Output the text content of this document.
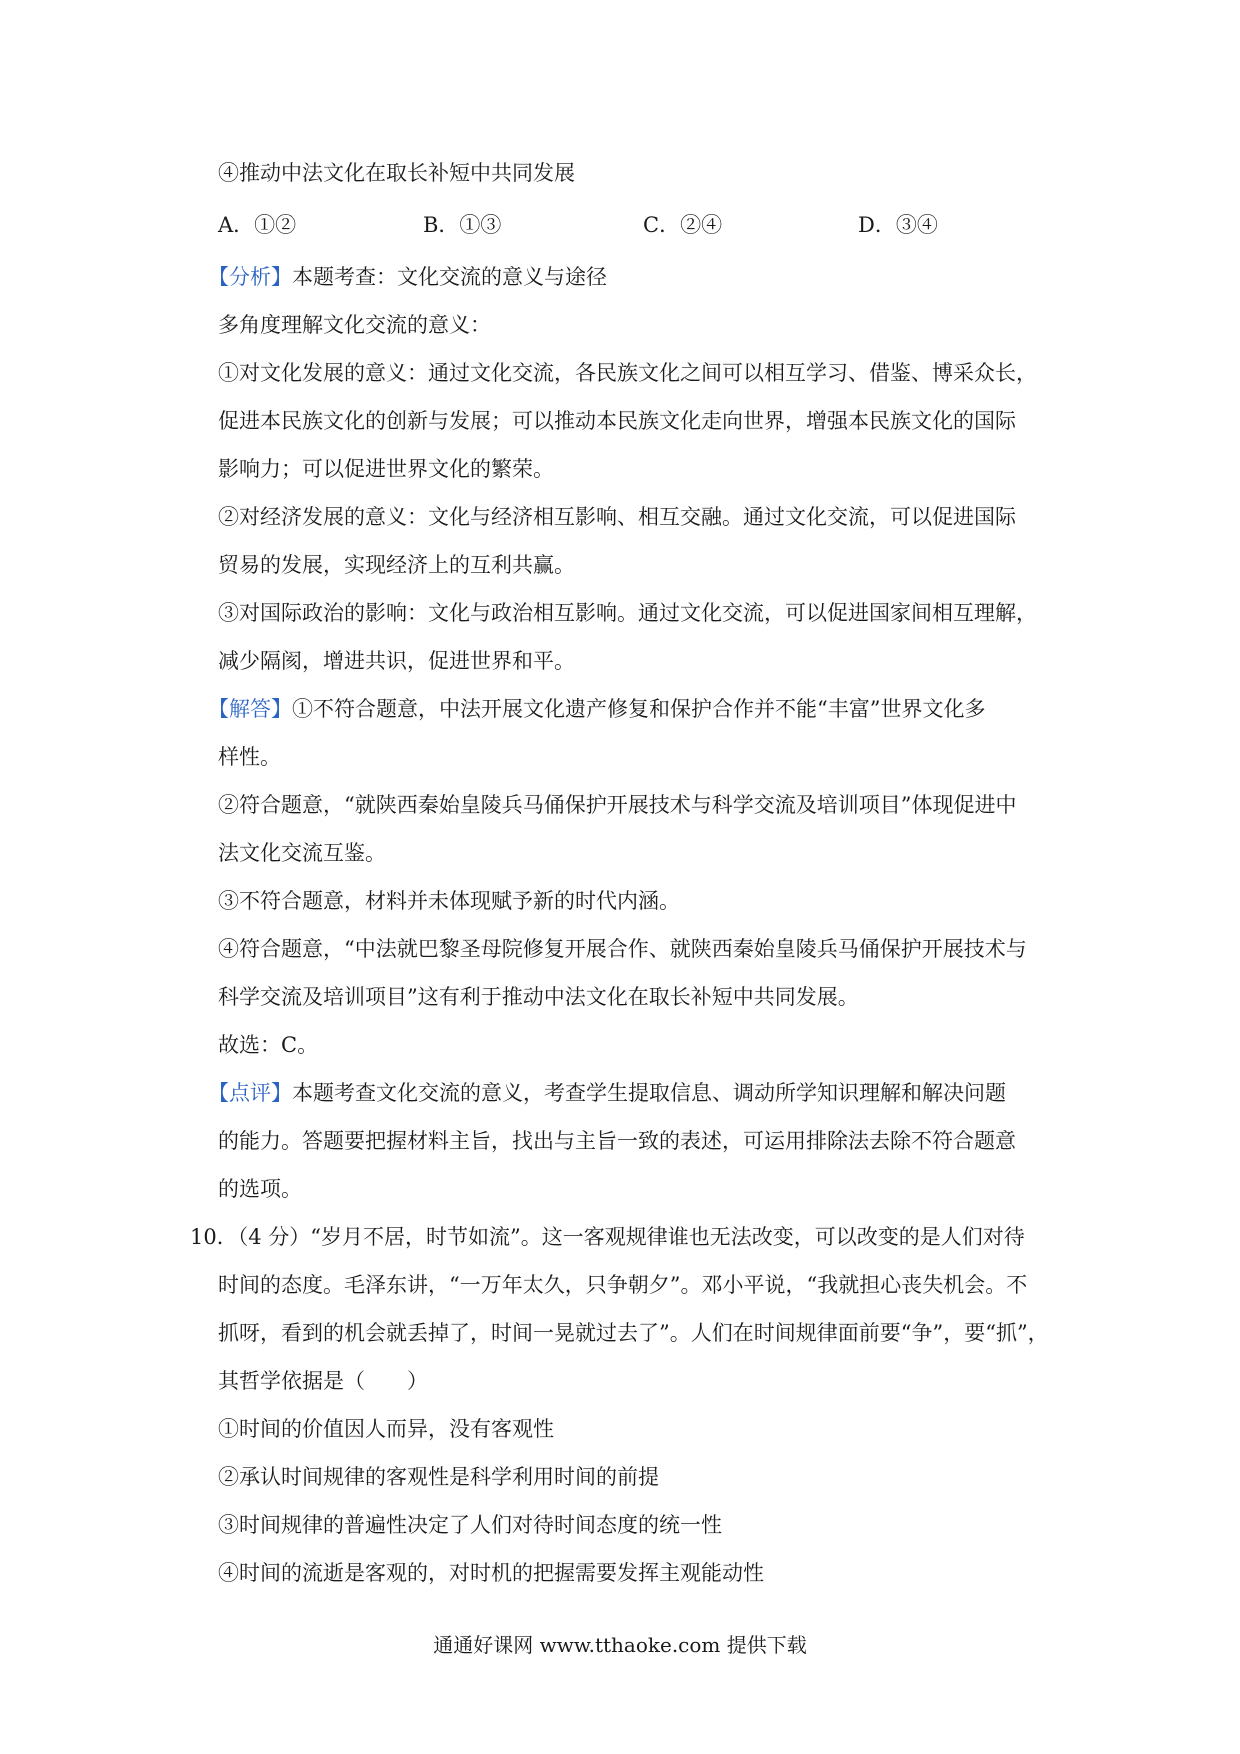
④推动中法文化在取长补短中共同发展
A．①②	B．①③	C．②④	D．③④
【分析】本题考查：文化交流的意义与途径
多角度理解文化交流的意义：
①对文化发展的意义：通过文化交流，各民族文化之间可以相互学习、借鉴、博采众长，
促进本民族文化的创新与发展；可以推动本民族文化走向世界，增强本民族文化的国际
影响力；可以促进世界文化的繁荣。
②对经济发展的意义：文化与经济相互影响、相互交融。通过文化交流，可以促进国际
贸易的发展，实现经济上的互利共赢。
③对国际政治的影响：文化与政治相互影响。通过文化交流，可以促进国家间相互理解，
减少隔阂，增进共识，促进世界和平。
【解答】①不符合题意，中法开展文化遗产修复和保护合作并不能“丰富”世界文化多
样性。
②符合题意，“就陕西秦始皇陵兵马俑保护开展技术与科学交流及培训项目”体现促进中
法文化交流互鉴。
③不符合题意，材料并未体现赋予新的时代内涵。
④符合题意，“中法就巴黎圣母院修复开展合作、就陕西秦始皇陵兵马俑保护开展技术与
科学交流及培训项目”这有利于推动中法文化在取长补短中共同发展。
故选：C。
【点评】本题考查文化交流的意义，考查学生提取信息、调动所学知识理解和解决问题
的能力。答题要把握材料主旨，找出与主旨一致的表述，可运用排除法去除不符合题意
的选项。
10．（4 分）“岁月不居，时节如流”。这一客观规律谁也无法改变，可以改变的是人们对待
时间的态度。毛泽东讲，“一万年太久，只争朝夕”。邓小平说，“我就担心丧失机会。不
抓呀，看到的机会就丢掉了，时间一晃就过去了”。人们在时间规律面前要“争”，要“抓”，
其哲学依据是（　　）
①时间的价值因人而异，没有客观性
②承认时间规律的客观性是科学利用时间的前提
③时间规律的普遍性决定了人们对待时间态度的统一性
④时间的流逝是客观的，对时机的把握需要发挥主观能动性
通通好课网 www.tthaoke.com 提供下载
